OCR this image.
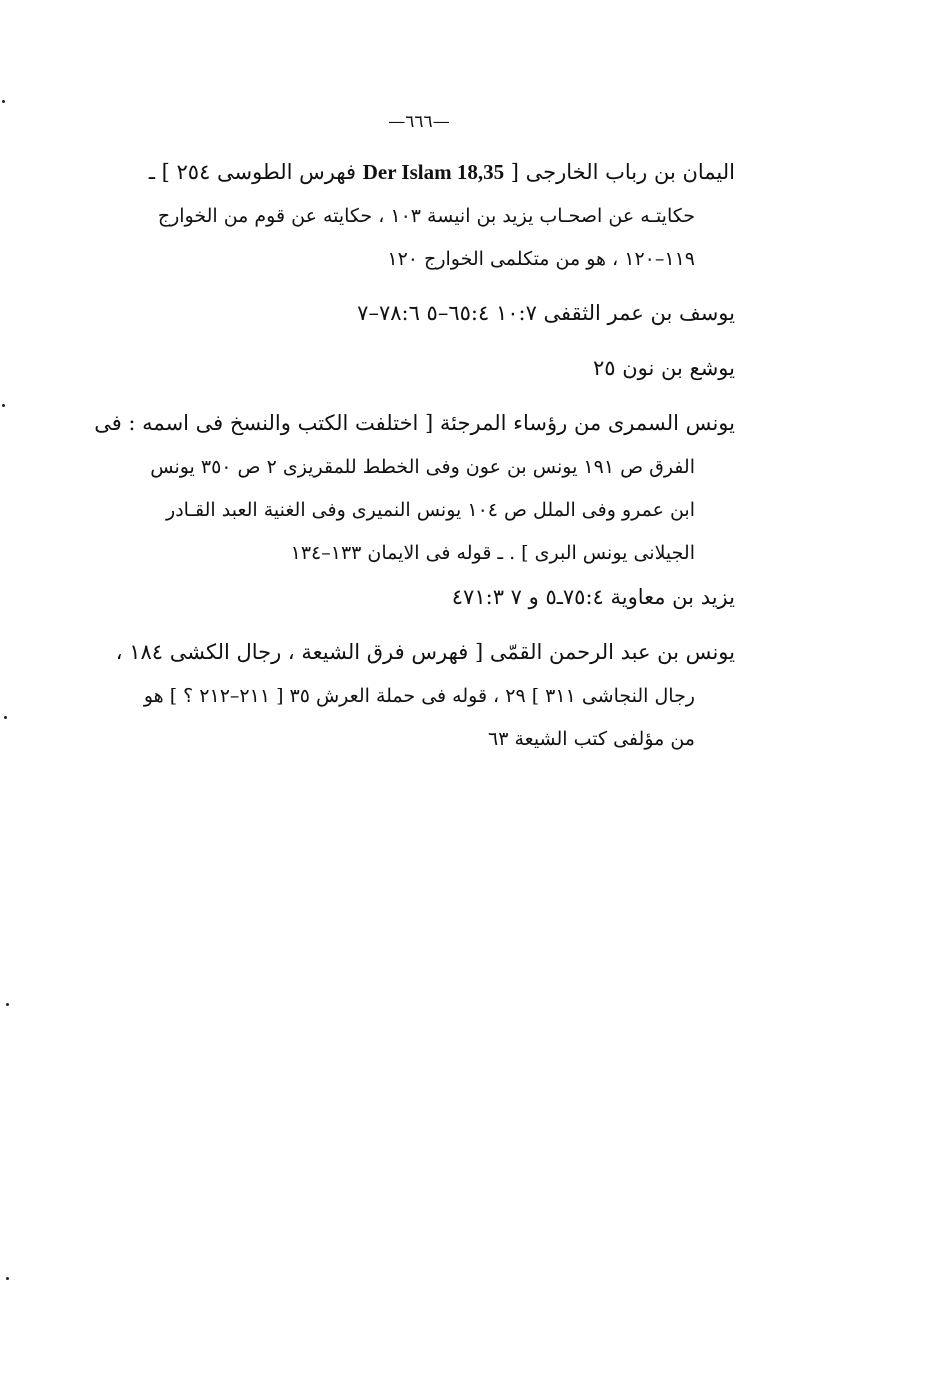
—٦٦٦—
اليمان بن رباب الخارجى [ Der Islam 18,35 فهرس الطوسى ٢٥٤ ] ـ
حكايتـه عن اصحـاب يزيد بن انيسة ١٠٣ ، حكايته عن قوم من الخوارج
١١٩–١٢٠ ، هو من متكلمى الخوارج ١٢٠
يوسف بن عمر الثقفى ١٠:٧ ٦٥:٤–٥ ٧٨:٦–٧
يوشع بن نون ٢٥
يونس السمرى من رؤساء المرجئة [ اختلفت الكتب والنسخ فى اسمه : فى
الفرق ص ١٩١ يونس بن عون وفى الخطط للمقريزى ٢ ص ٣٥٠ يونس
ابن عمرو وفى الملل ص ١٠٤ يونس النميرى وفى الغنية العبد القـادر
الجيلانى يونس البرى ] . ـ قوله فى الايمان ١٣٣–١٣٤
يزيد بن معاوية ٧٥:٤ـ٥ و ٧ ٤٧١:٣
يونس بن عبد الرحمن القمّى [ فهرس فرق الشيعة ، رجال الكشى ١٨٤ ،
رجال النجاشى ٣١١ ] ٢٩ ، قوله فى حملة العرش ٣٥ [ ٢١١–٢١٢ ؟ ] هو
من مؤلفى كتب الشيعة ٦٣
